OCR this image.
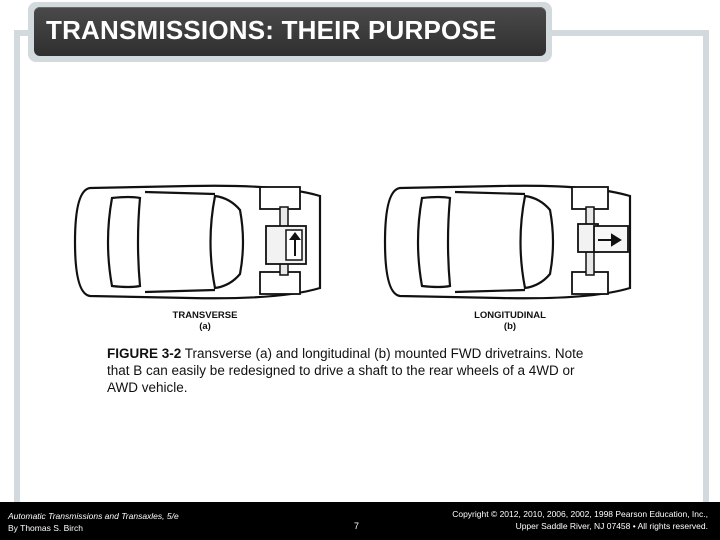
TRANSMISSIONS: THEIR PURPOSE
TRANSVERSE
(a)
LONGITUDINAL
(b)
FIGURE 3-2 Transverse (a) and longitudinal (b) mounted FWD drivetrains. Note that B can easily be redesigned to drive a shaft to the rear wheels of a 4WD or AWD vehicle.
Automatic Transmissions and Transaxles, 5/e
By Thomas S. Birch	7
Copyright © 2012, 2010, 2006, 2002, 1998 Pearson Education, Inc.,
Upper Saddle River, NJ 07458 • All rights reserved.
